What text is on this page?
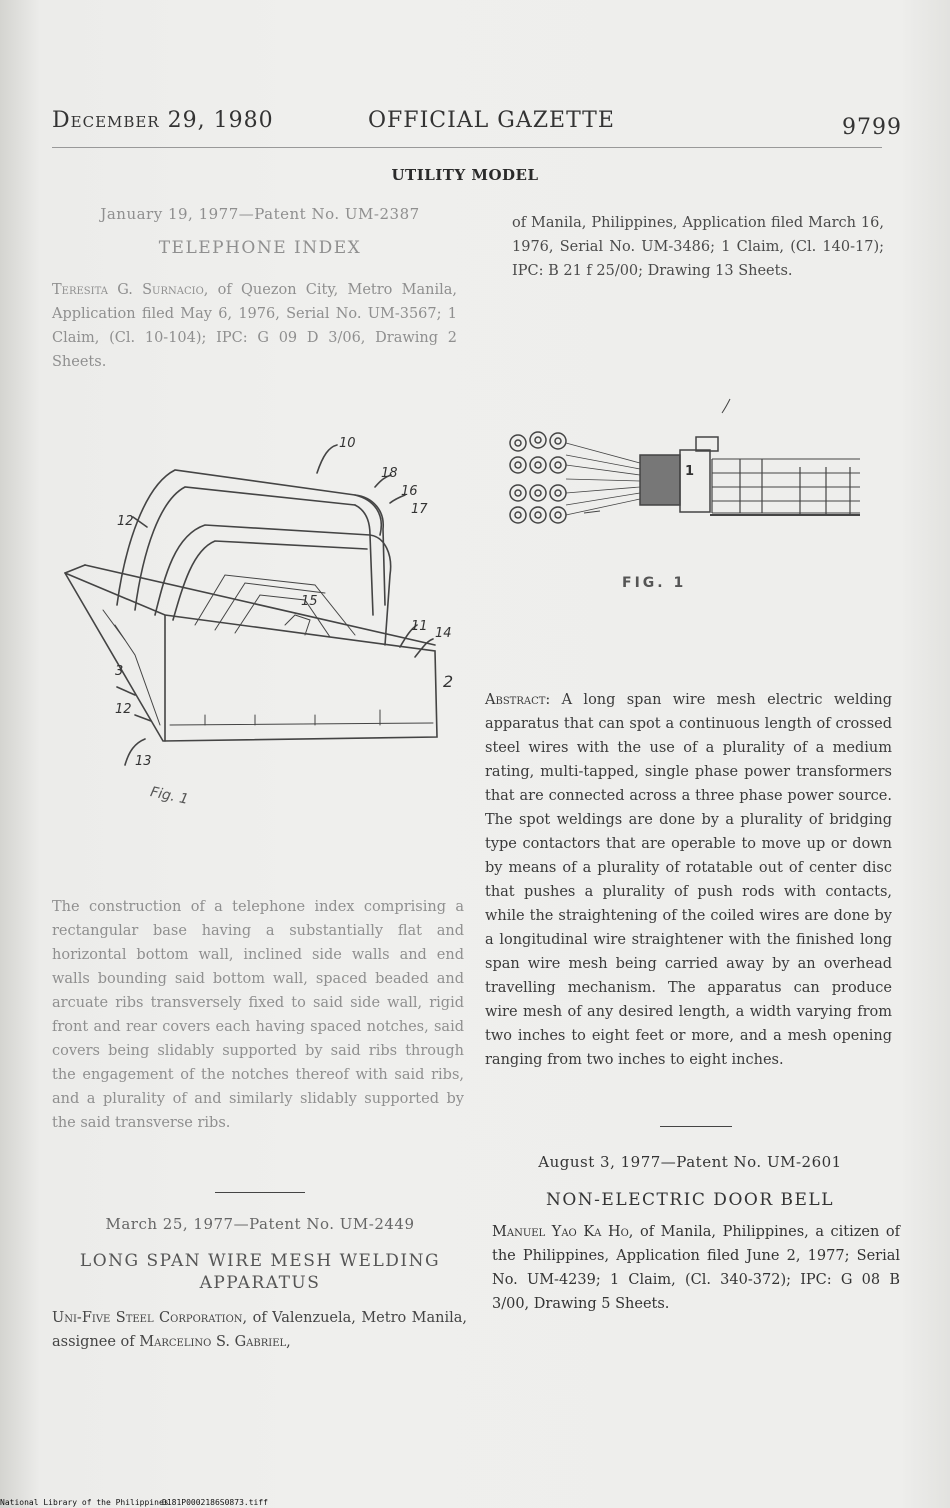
December 29, 1980	OFFICIAL GAZETTE	9799
UTILITY MODEL
January 19, 1977—Patent No. UM-2387
TELEPHONE INDEX
Teresita G. Surnacio, of Quezon City, Metro Manila, Application filed May 6, 1976, Serial No. UM-3567; 1 Claim, (Cl. 10-104); IPC: G 09 D 3/06, Drawing 2 Sheets.
10
18
16
17
12
11 14
2
15
13
12
3
Fig. 1
The construction of a telephone index comprising a rectangular base having a substantially flat and horizontal bottom wall, inclined side walls and end walls bounding said bottom wall, spaced beaded and arcuate ribs transversely fixed to said side wall, rigid front and rear covers each having spaced notches, said covers being slidably supported by said ribs through the engagement of the notches thereof with said ribs, and a plurality of and similarly slidably supported by the said transverse ribs.
March 25, 1977—Patent No. UM-2449
LONG SPAN WIRE MESH WELDING APPARATUS
Uni-Five Steel Corporation, of Valenzuela, Metro Manila, assignee of Marcelino S. Gabriel,
of Manila, Philippines, Application filed March 16, 1976, Serial No. UM-3486; 1 Claim, (Cl. 140-17); IPC: B 21 f 25/00; Drawing 13 Sheets.
1
FIG. 1
Abstract: A long span wire mesh electric welding apparatus that can spot a continuous length of crossed steel wires with the use of a plurality of a medium rating, multi-tapped, single phase power transformers that are connected across a three phase power source. The spot weldings are done by a plurality of bridging type contactors that are operable to move up or down by means of a plurality of rotatable out of center disc that pushes a plurality of push rods with contacts, while the straightening of the coiled wires are done by a longitudinal wire straightener with the finished long span wire mesh being carried away by an overhead travelling mechanism. The apparatus can produce wire mesh of any desired length, a width varying from two inches to eight feet or more, and a mesh opening ranging from two inches to eight inches.
August 3, 1977—Patent No. UM-2601
NON-ELECTRIC DOOR BELL
Manuel Yao Ka Ho, of Manila, Philippines, a citizen of the Philippines, Application filed June 2, 1977; Serial No. UM-4239; 1 Claim, (Cl. 340-372); IPC: G 08 B 3/00, Drawing 5 Sheets.
National Library of the Philippines
D181P0002186S0873.tiff
